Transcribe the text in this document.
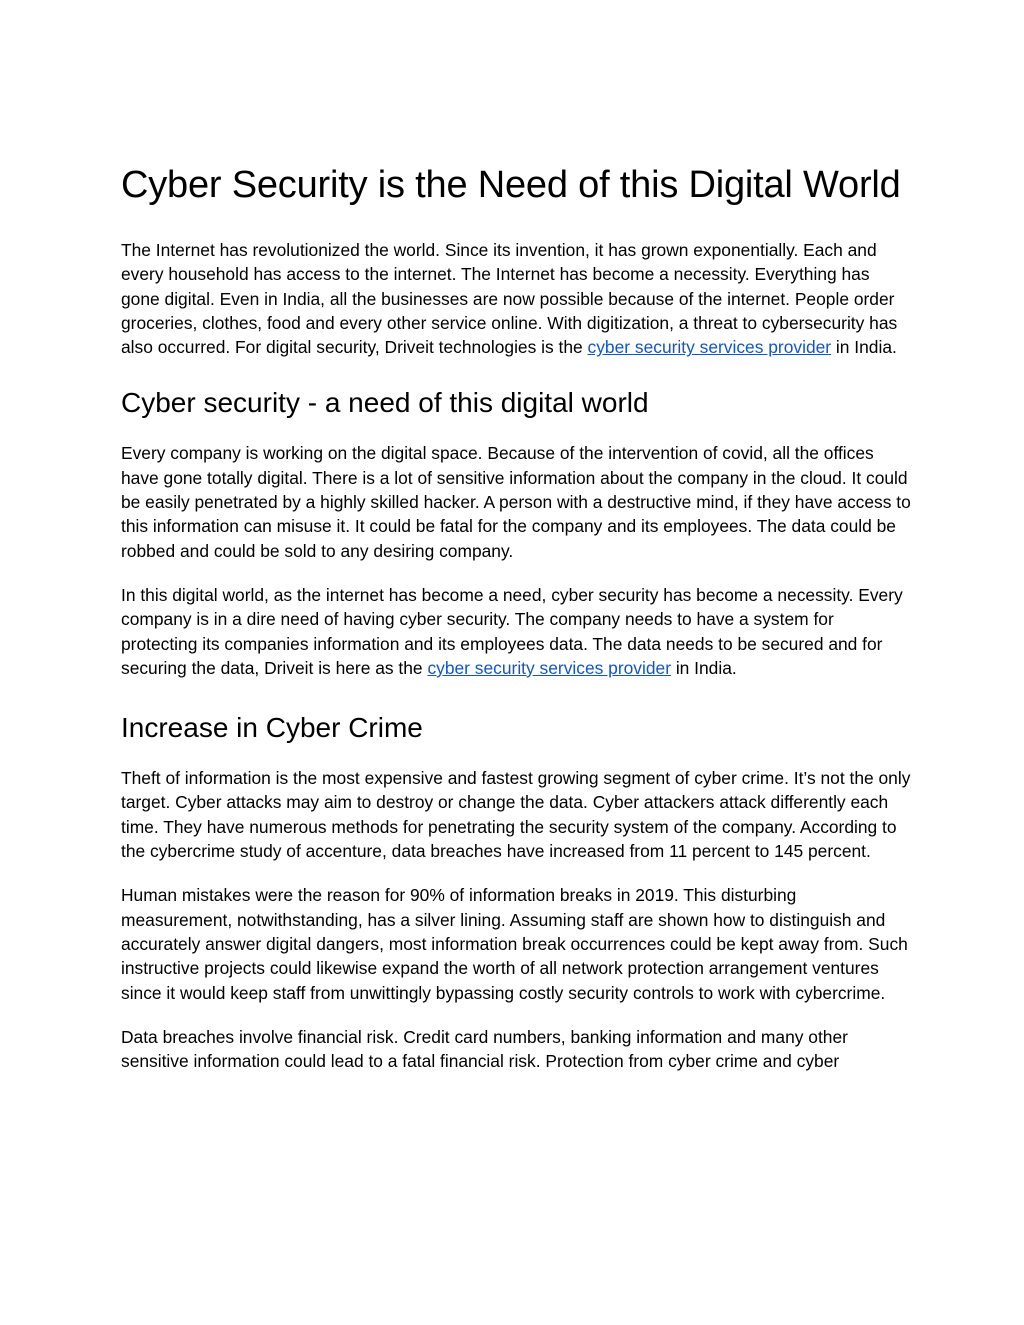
Cyber Security is the Need of this Digital World

The Internet has revolutionized the world. Since its invention, it has grown exponentially. Each and every household has access to the internet. The Internet has become a necessity. Everything has gone digital. Even in India, all the businesses are now possible because of the internet. People order groceries, clothes, food and every other service online. With digitization, a threat to cybersecurity has also occurred. For digital security, Driveit technologies is the cyber security services provider in India.

Cyber security - a need of this digital world

Every company is working on the digital space. Because of the intervention of covid, all the offices have gone totally digital. There is a lot of sensitive information about the company in the cloud. It could be easily penetrated by a highly skilled hacker. A person with a destructive mind, if they have access to this information can misuse it. It could be fatal for the company and its employees. The data could be robbed and could be sold to any desiring company.

In this digital world, as the internet has become a need, cyber security has become a necessity. Every company is in a dire need of having cyber security. The company needs to have a system for protecting its companies information and its employees data. The data needs to be secured and for securing the data, Driveit is here as the cyber security services provider in India.

Increase in Cyber Crime

Theft of information is the most expensive and fastest growing segment of cyber crime. It’s not the only target. Cyber attacks may aim to destroy or change the data. Cyber attackers attack differently each time. They have numerous methods for penetrating the security system of the company. According to the cybercrime study of accenture, data breaches have increased from 11 percent to 145 percent.

Human mistakes were the reason for 90% of information breaks in 2019. This disturbing measurement, notwithstanding, has a silver lining. Assuming staff are shown how to distinguish and accurately answer digital dangers, most information break occurrences could be kept away from. Such instructive projects could likewise expand the worth of all network protection arrangement ventures since it would keep staff from unwittingly bypassing costly security controls to work with cybercrime.

Data breaches involve financial risk. Credit card numbers, banking information and many other sensitive information could lead to a fatal financial risk. Protection from cyber crime and cyber
